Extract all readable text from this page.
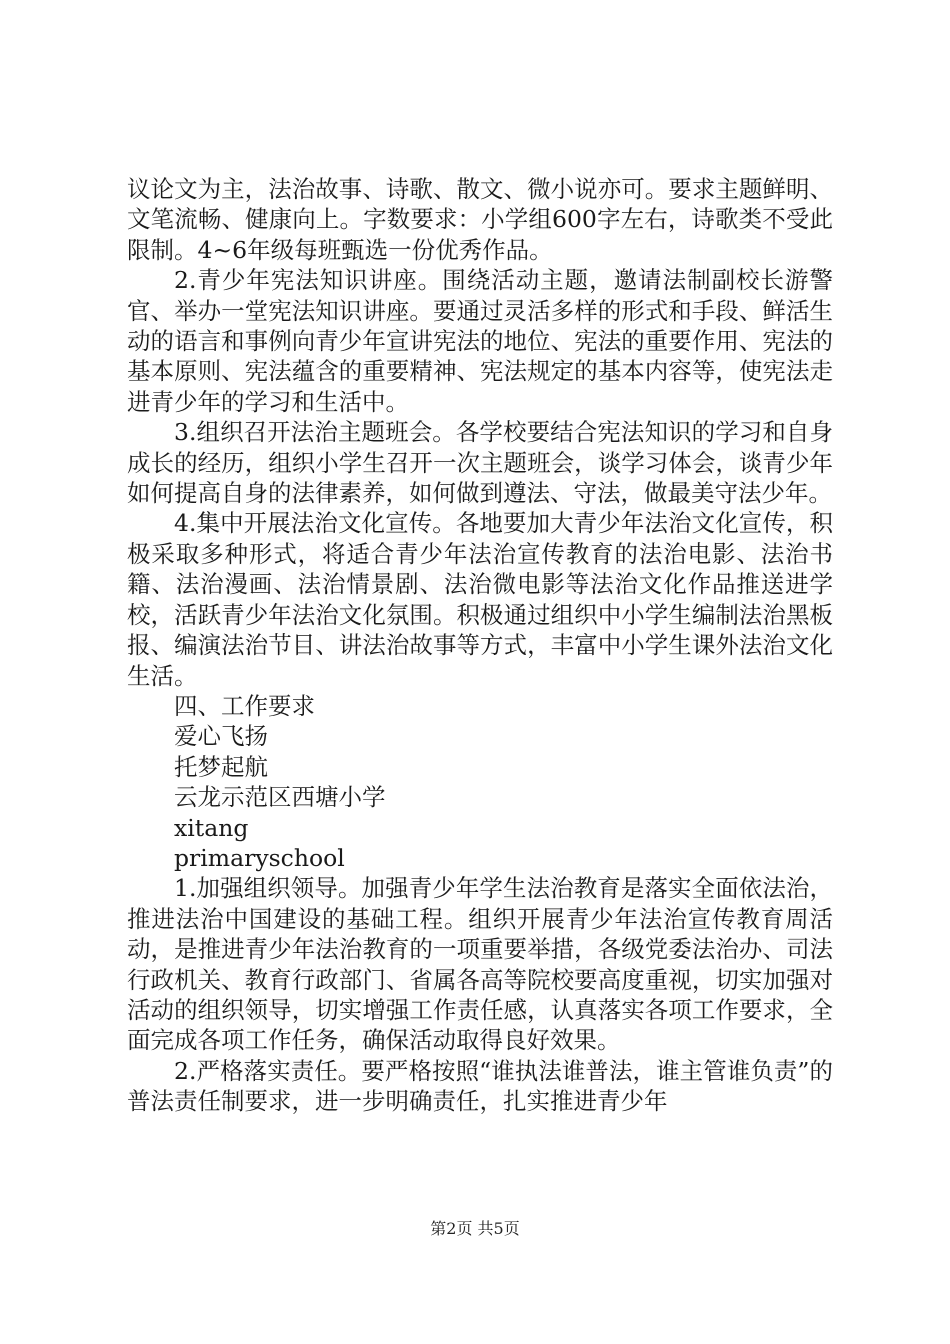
议论文为主，法治故事、诗歌、散文、微小说亦可。要求主题鲜明、文笔流畅、健康向上。字数要求：小学组600字左右，诗歌类不受此限制。4~6年级每班甄选一份优秀作品。

2.青少年宪法知识讲座。围绕活动主题，邀请法制副校长游警官、举办一堂宪法知识讲座。要通过灵活多样的形式和手段、鲜活生动的语言和事例向青少年宣讲宪法的地位、宪法的重要作用、宪法的基本原则、宪法蕴含的重要精神、宪法规定的基本内容等，使宪法走进青少年的学习和生活中。

3.组织召开法治主题班会。各学校要结合宪法知识的学习和自身成长的经历，组织小学生召开一次主题班会，谈学习体会，谈青少年如何提高自身的法律素养，如何做到遵法、守法，做最美守法少年。

4.集中开展法治文化宣传。各地要加大青少年法治文化宣传，积极采取多种形式，将适合青少年法治宣传教育的法治电影、法治书籍、法治漫画、法治情景剧、法治微电影等法治文化作品推送进学校，活跃青少年法治文化氛围。积极通过组织中小学生编制法治黑板报、编演法治节目、讲法治故事等方式，丰富中小学生课外法治文化生活。

四、工作要求

爱心飞扬

托梦起航

云龙示范区西塘小学

xitang

primaryschool

1.加强组织领导。加强青少年学生法治教育是落实全面依法治，推进法治中国建设的基础工程。组织开展青少年法治宣传教育周活动，是推进青少年法治教育的一项重要举措，各级党委法治办、司法行政机关、教育行政部门、省属各高等院校要高度重视，切实加强对活动的组织领导，切实增强工作责任感，认真落实各项工作要求，全面完成各项工作任务，确保活动取得良好效果。

2.严格落实责任。要严格按照“谁执法谁普法，谁主管谁负责”的普法责任制要求，进一步明确责任，扎实推进青少年

第2页 共5页
